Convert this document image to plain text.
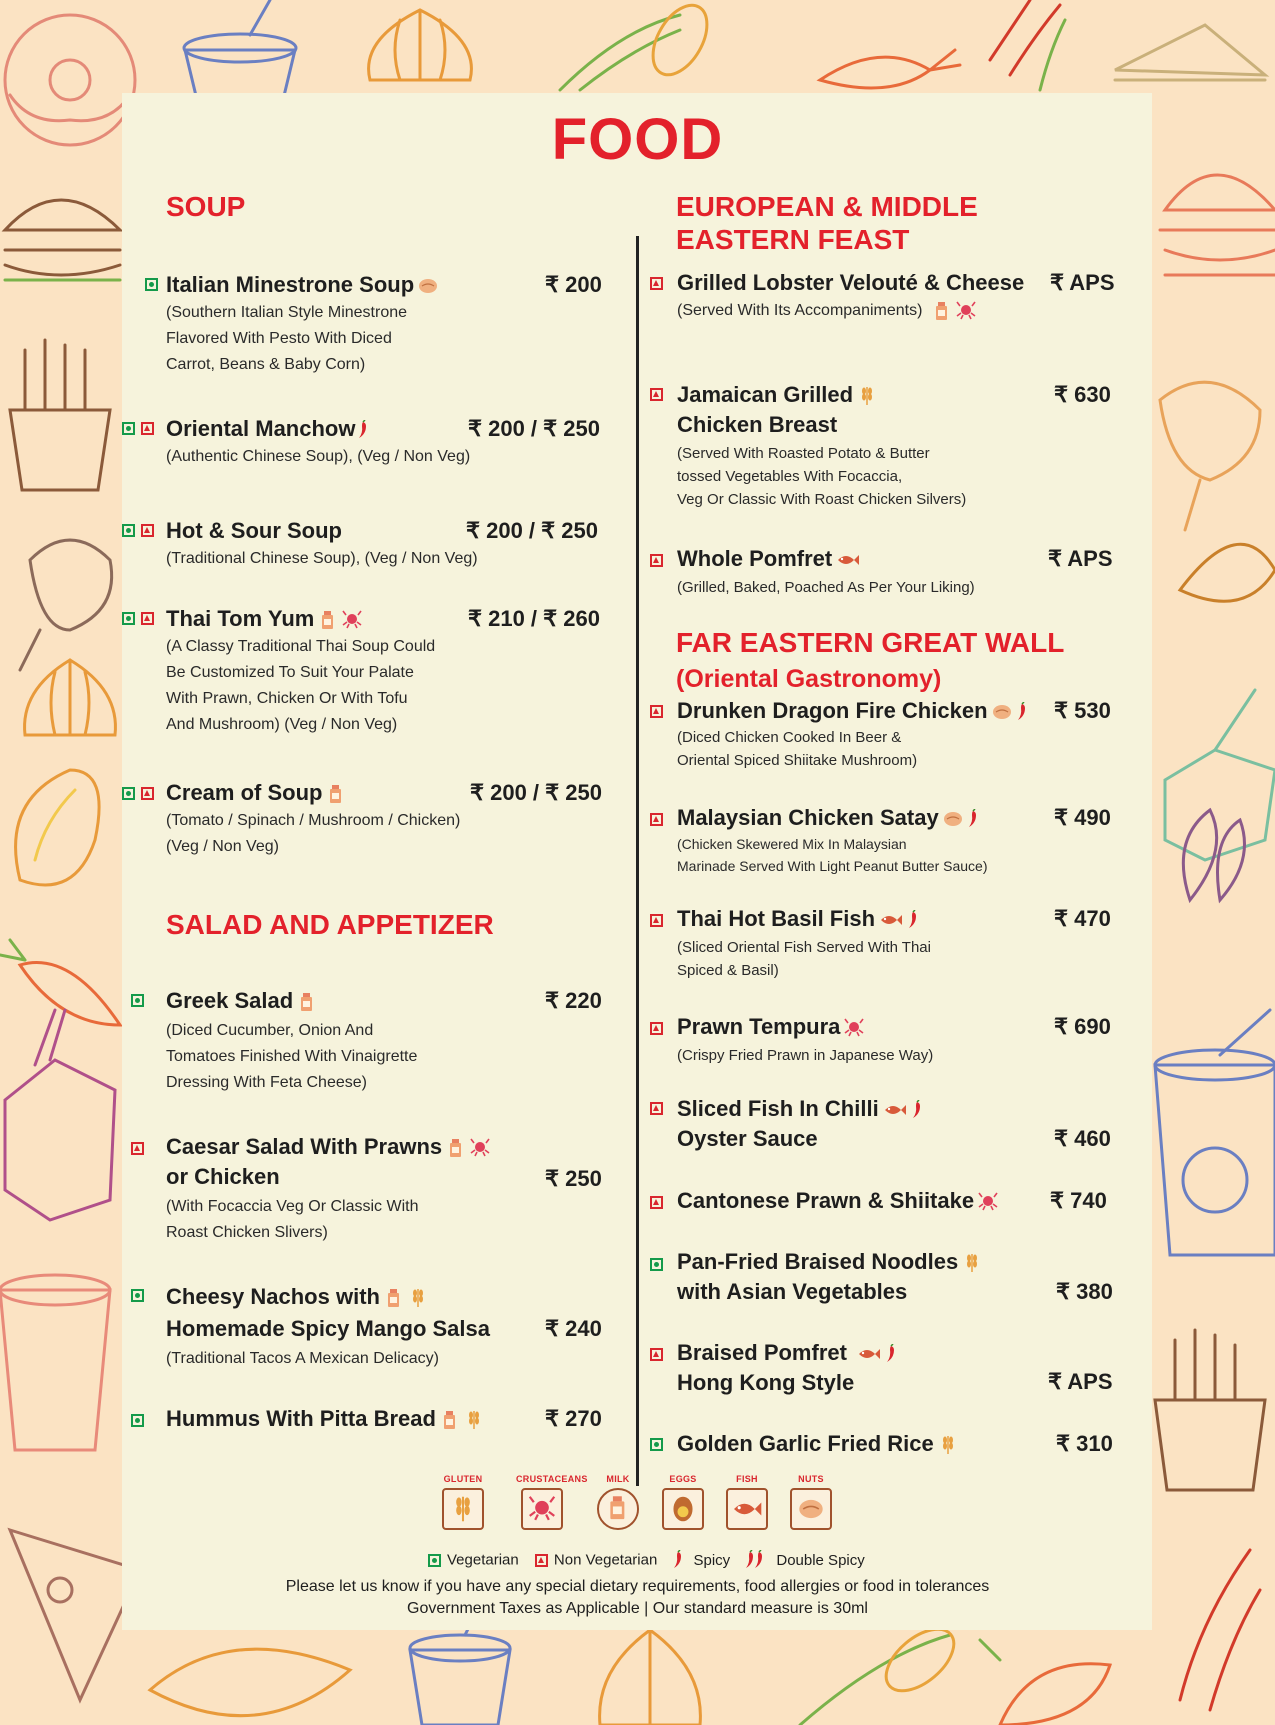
FOOD
SOUP
Italian Minestrone Soup
(Southern Italian Style Minestrone
Flavored With Pesto With Diced
Carrot, Beans & Baby Corn)
₹ 200
Oriental Manchow
(Authentic Chinese Soup), (Veg / Non Veg)
₹ 200 / ₹ 250
Hot & Sour Soup
(Traditional Chinese Soup), (Veg / Non Veg)
₹ 200 / ₹ 250
Thai Tom Yum
(A Classy Traditional Thai Soup Could
Be Customized To Suit Your Palate
With Prawn, Chicken Or With Tofu
And Mushroom) (Veg / Non Veg)
₹ 210 / ₹ 260
Cream of Soup
(Tomato / Spinach / Mushroom / Chicken)
(Veg / Non Veg)
₹ 200 / ₹ 250
SALAD AND APPETIZER
Greek Salad
(Diced Cucumber, Onion And
Tomatoes Finished With Vinaigrette
Dressing With Feta Cheese)
₹ 220
Caesar Salad With Prawns
or Chicken
(With Focaccia Veg Or Classic With
Roast Chicken Slivers)
₹ 250
Cheesy Nachos with
Homemade Spicy Mango Salsa
(Traditional Tacos A Mexican Delicacy)
₹ 240
Hummus With Pitta Bread	₹ 270
EUROPEAN & MIDDLE
EASTERN FEAST
Grilled Lobster Velouté & Cheese
(Served With Its Accompaniments)
₹ APS
Jamaican Grilled
Chicken Breast
(Served With Roasted Potato & Butter
tossed Vegetables With Focaccia,
Veg Or Classic With Roast Chicken Silvers)
₹ 630
Whole Pomfret
(Grilled, Baked, Poached As Per Your Liking)
₹ APS
FAR EASTERN GREAT WALL
(Oriental Gastronomy)
Drunken Dragon Fire Chicken
(Diced Chicken Cooked In Beer &
Oriental Spiced Shiitake Mushroom)
₹ 530
Malaysian Chicken Satay
(Chicken Skewered Mix In Malaysian
Marinade Served With Light Peanut Butter Sauce)
₹ 490
Thai Hot Basil Fish
(Sliced Oriental Fish Served With Thai
Spiced & Basil)
₹ 470
Prawn Tempura
(Crispy Fried Prawn in Japanese Way)
₹ 690
Sliced Fish In Chilli
Oyster Sauce	₹ 460
Cantonese Prawn & Shiitake	₹ 740
Pan-Fried Braised Noodles
with Asian Vegetables	₹ 380
Braised Pomfret
Hong Kong Style	₹ APS
Golden Garlic Fried Rice	₹ 310
GLUTEN	CRUSTACEANS	MILK	EGGS	FISH	NUTS
Vegetarian Non Vegetarian Spicy	Double Spicy
Please let us know if you have any special dietary requirements, food allergies or food in tolerances
Government Taxes as Applicable | Our standard measure is 30ml
